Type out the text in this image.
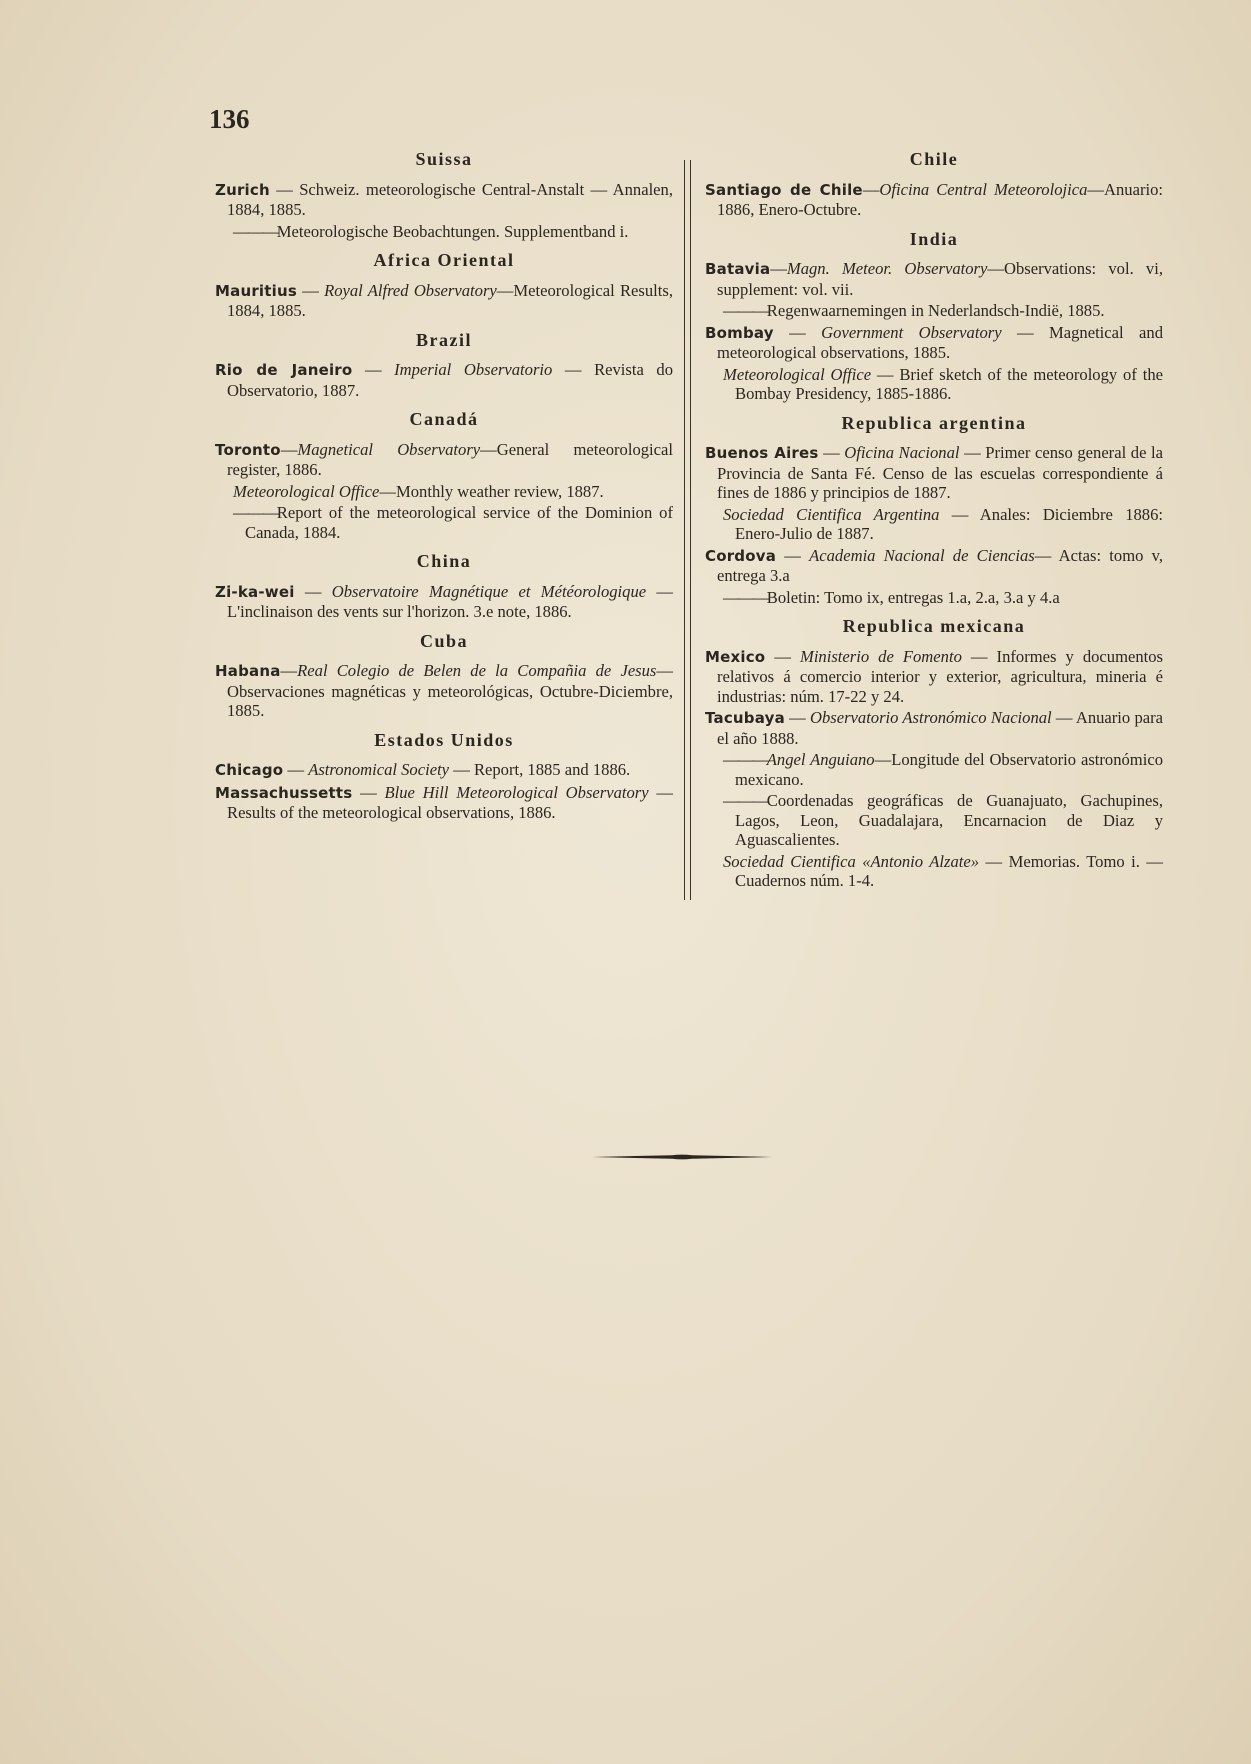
136
Suissa
Zurich — Schweiz. meteorologische Central-Anstalt — Annalen, 1884, 1885.
———Meteorologische Beobachtungen. Supplementband i.
Africa Oriental
Mauritius — Royal Alfred Observatory—Meteorological Results, 1884, 1885.
Brazil
Rio de Janeiro — Imperial Observatorio — Revista do Observatorio, 1887.
Canadá
Toronto—Magnetical Observatory—General meteorological register, 1886.
Meteorological Office—Monthly weather review, 1887.
———Report of the meteorological service of the Dominion of Canada, 1884.
China
Zi-ka-wei — Observatoire Magnétique et Météorologique — L'inclinaison des vents sur l'horizon. 3.e note, 1886.
Cuba
Habana—Real Colegio de Belen de la Compañia de Jesus— Observaciones magnéticas y meteorológicas, Octubre-Diciembre, 1885.
Estados Unidos
Chicago — Astronomical Society — Report, 1885 and 1886.
Massachussetts — Blue Hill Meteorological Observatory — Results of the meteorological observations, 1886.
Chile
Santiago de Chile—Oficina Central Meteorolojica—Anuario: 1886, Enero-Octubre.
India
Batavia—Magn. Meteor. Observatory—Observations: vol. vi, supplement: vol. vii.
———Regenwaarnemingen in Nederlandsch-Indië, 1885.
Bombay — Government Observatory — Magnetical and meteorological observations, 1885.
Meteorological Office — Brief sketch of the meteorology of the Bombay Presidency, 1885-1886.
Republica argentina
Buenos Aires — Oficina Nacional — Primer censo general de la Provincia de Santa Fé. Censo de las escuelas correspondiente á fines de 1886 y principios de 1887.
Sociedad Cientifica Argentina — Anales: Diciembre 1886: Enero-Julio de 1887.
Cordova — Academia Nacional de Ciencias— Actas: tomo v, entrega 3.a
———Boletin: Tomo ix, entregas 1.a, 2.a, 3.a y 4.a
Republica mexicana
Mexico — Ministerio de Fomento — Informes y documentos relativos á comercio interior y exterior, agricultura, mineria é industrias: núm. 17-22 y 24.
Tacubaya — Observatorio Astronómico Nacional — Anuario para el año 1888.
———Angel Anguiano—Longitude del Observatorio astronómico mexicano.
———Coordenadas geográficas de Guanajuato, Gachupines, Lagos, Leon, Guadalajara, Encarnacion de Diaz y Aguascalientes.
Sociedad Cientifica «Antonio Alzate» — Memorias. Tomo i. — Cuadernos núm. 1-4.
